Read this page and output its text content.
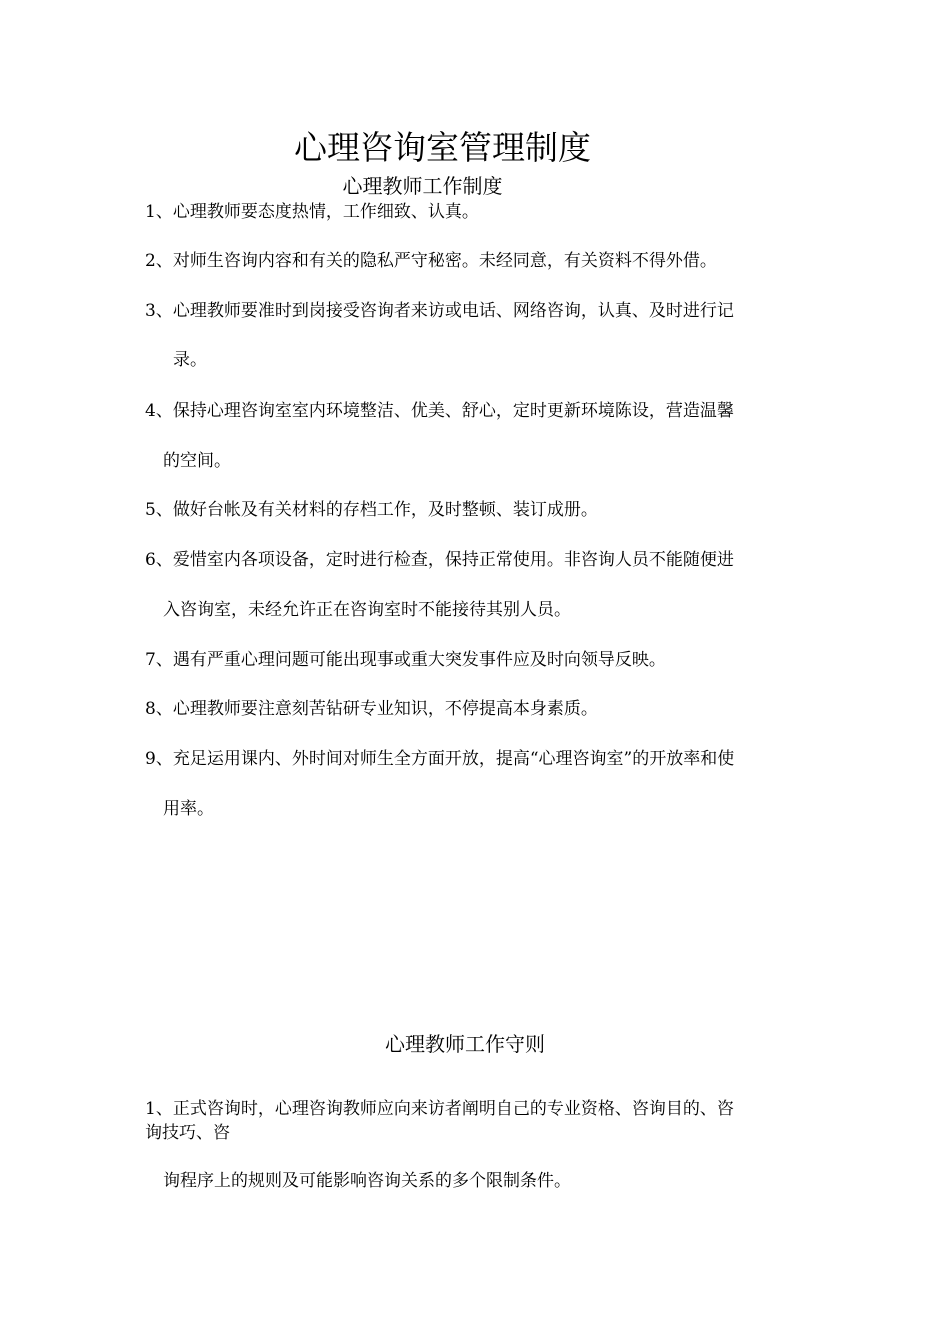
心理咨询室管理制度
心理教师工作制度
1、心理教师要态度热情，工作细致、认真。
2、对师生咨询内容和有关的隐私严守秘密。未经同意，有关资料不得外借。
3、心理教师要准时到岗接受咨询者来访或电话、网络咨询，认真、及时进行记
录。
4、保持心理咨询室室内环境整洁、优美、舒心，定时更新环境陈设，营造温馨
的空间。
5、做好台帐及有关材料的存档工作，及时整顿、装订成册。
6、爱惜室内各项设备，定时进行检查，保持正常使用。非咨询人员不能随便进
入咨询室，未经允许正在咨询室时不能接待其别人员。
7、遇有严重心理问题可能出现事或重大突发事件应及时向领导反映。
8、心理教师要注意刻苦钻研专业知识，不停提高本身素质。
9、充足运用课内、外时间对师生全方面开放，提高“心理咨询室”的开放率和使
用率。
心理教师工作守则
1、正式咨询时，心理咨询教师应向来访者阐明自己的专业资格、咨询目的、咨
询技巧、咨
询程序上的规则及可能影响咨询关系的多个限制条件。
